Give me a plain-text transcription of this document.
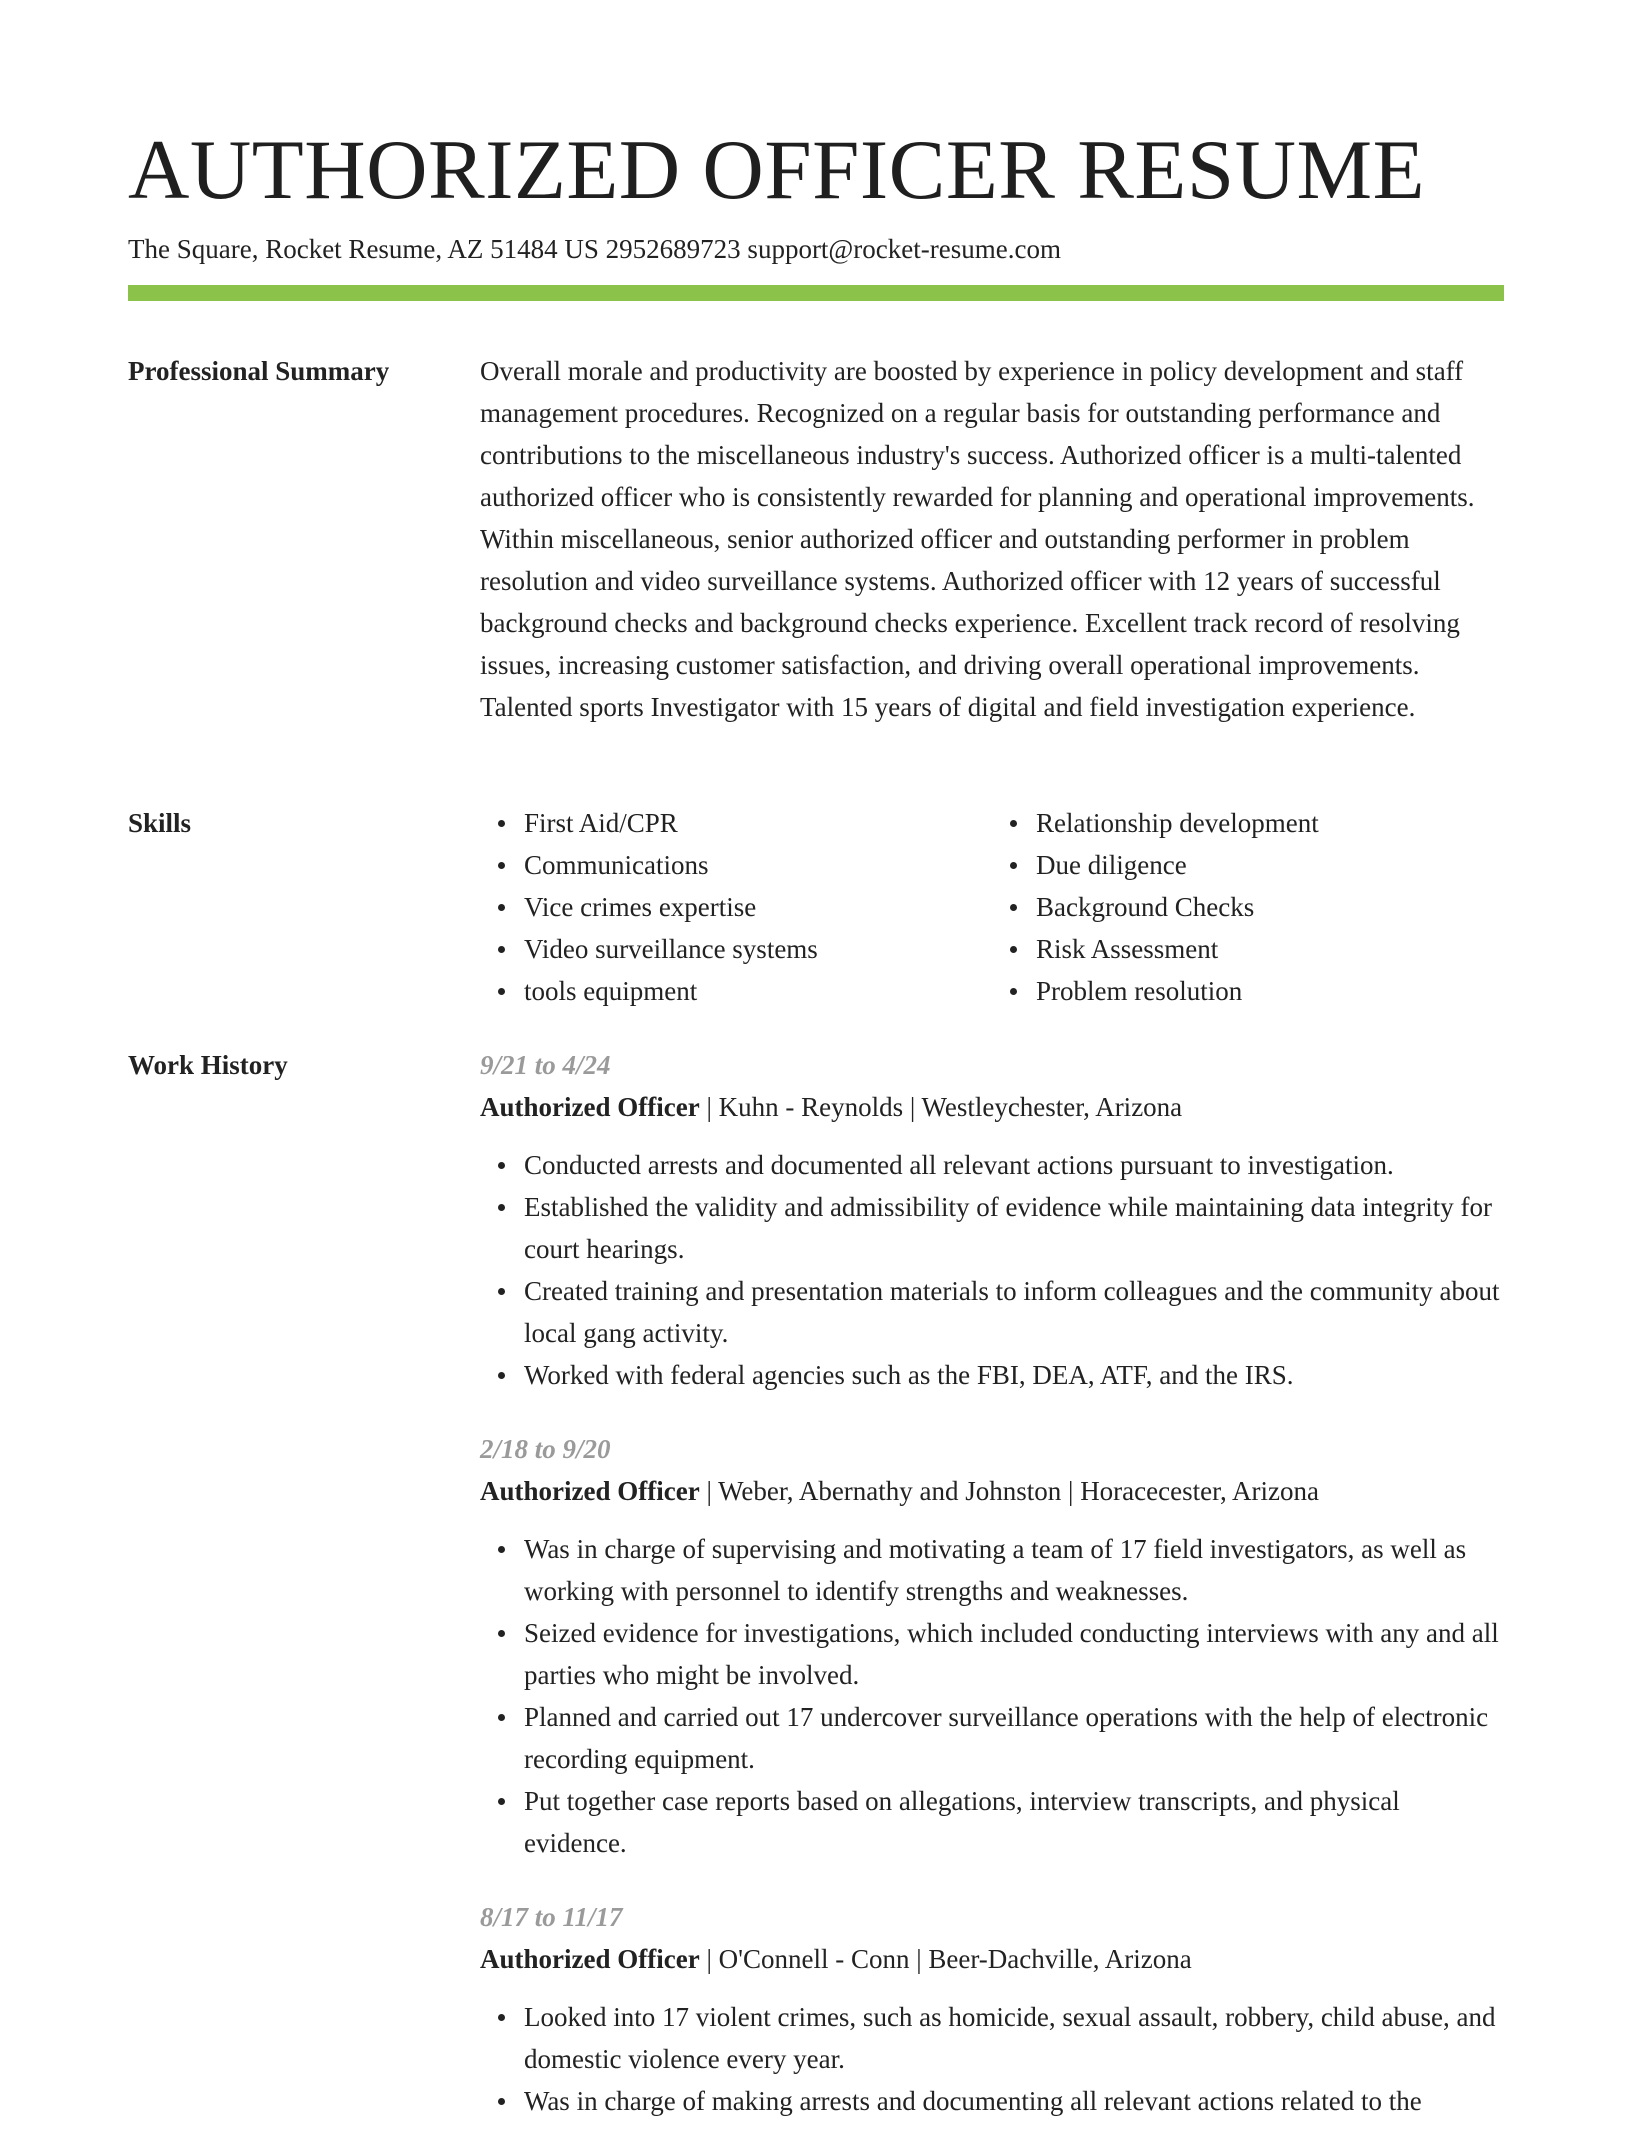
AUTHORIZED OFFICER RESUME
The Square, Rocket Resume, AZ 51484 US 2952689723 support@rocket-resume.com
Professional Summary	Overall morale and productivity are boosted by experience in policy development and staff management procedures. Recognized on a regular basis for outstanding performance and contributions to the miscellaneous industry's success. Authorized officer is a multi-talented authorized officer who is consistently rewarded for planning and operational improvements. Within miscellaneous, senior authorized officer and outstanding performer in problem resolution and video surveillance systems. Authorized officer with 12 years of successful background checks and background checks experience. Excellent track record of resolving issues, increasing customer satisfaction, and driving overall operational improvements. Talented sports Investigator with 15 years of digital and field investigation experience.

Skills	First Aid/CPR
Communications
Vice crimes expertise
Video surveillance systems
tools equipment
Relationship development
Due diligence
Background Checks
Risk Assessment
Problem resolution
Work History	9/21 to 4/24
Authorized Officer | Kuhn - Reynolds | Westleychester, Arizona
Conducted arrests and documented all relevant actions pursuant to investigation.
Established the validity and admissibility of evidence while maintaining data integrity for court hearings.
Created training and presentation materials to inform colleagues and the community about local gang activity.
Worked with federal agencies such as the FBI, DEA, ATF, and the IRS.
2/18 to 9/20
Authorized Officer | Weber, Abernathy and Johnston | Horacecester, Arizona
Was in charge of supervising and motivating a team of 17 field investigators, as well as working with personnel to identify strengths and weaknesses.
Seized evidence for investigations, which included conducting interviews with any and all parties who might be involved.
Planned and carried out 17 undercover surveillance operations with the help of electronic recording equipment.
Put together case reports based on allegations, interview transcripts, and physical evidence.
8/17 to 11/17
Authorized Officer | O'Connell - Conn | Beer-Dachville, Arizona
Looked into 17 violent crimes, such as homicide, sexual assault, robbery, child abuse, and domestic violence every year.
Was in charge of making arrests and documenting all relevant actions related to the
